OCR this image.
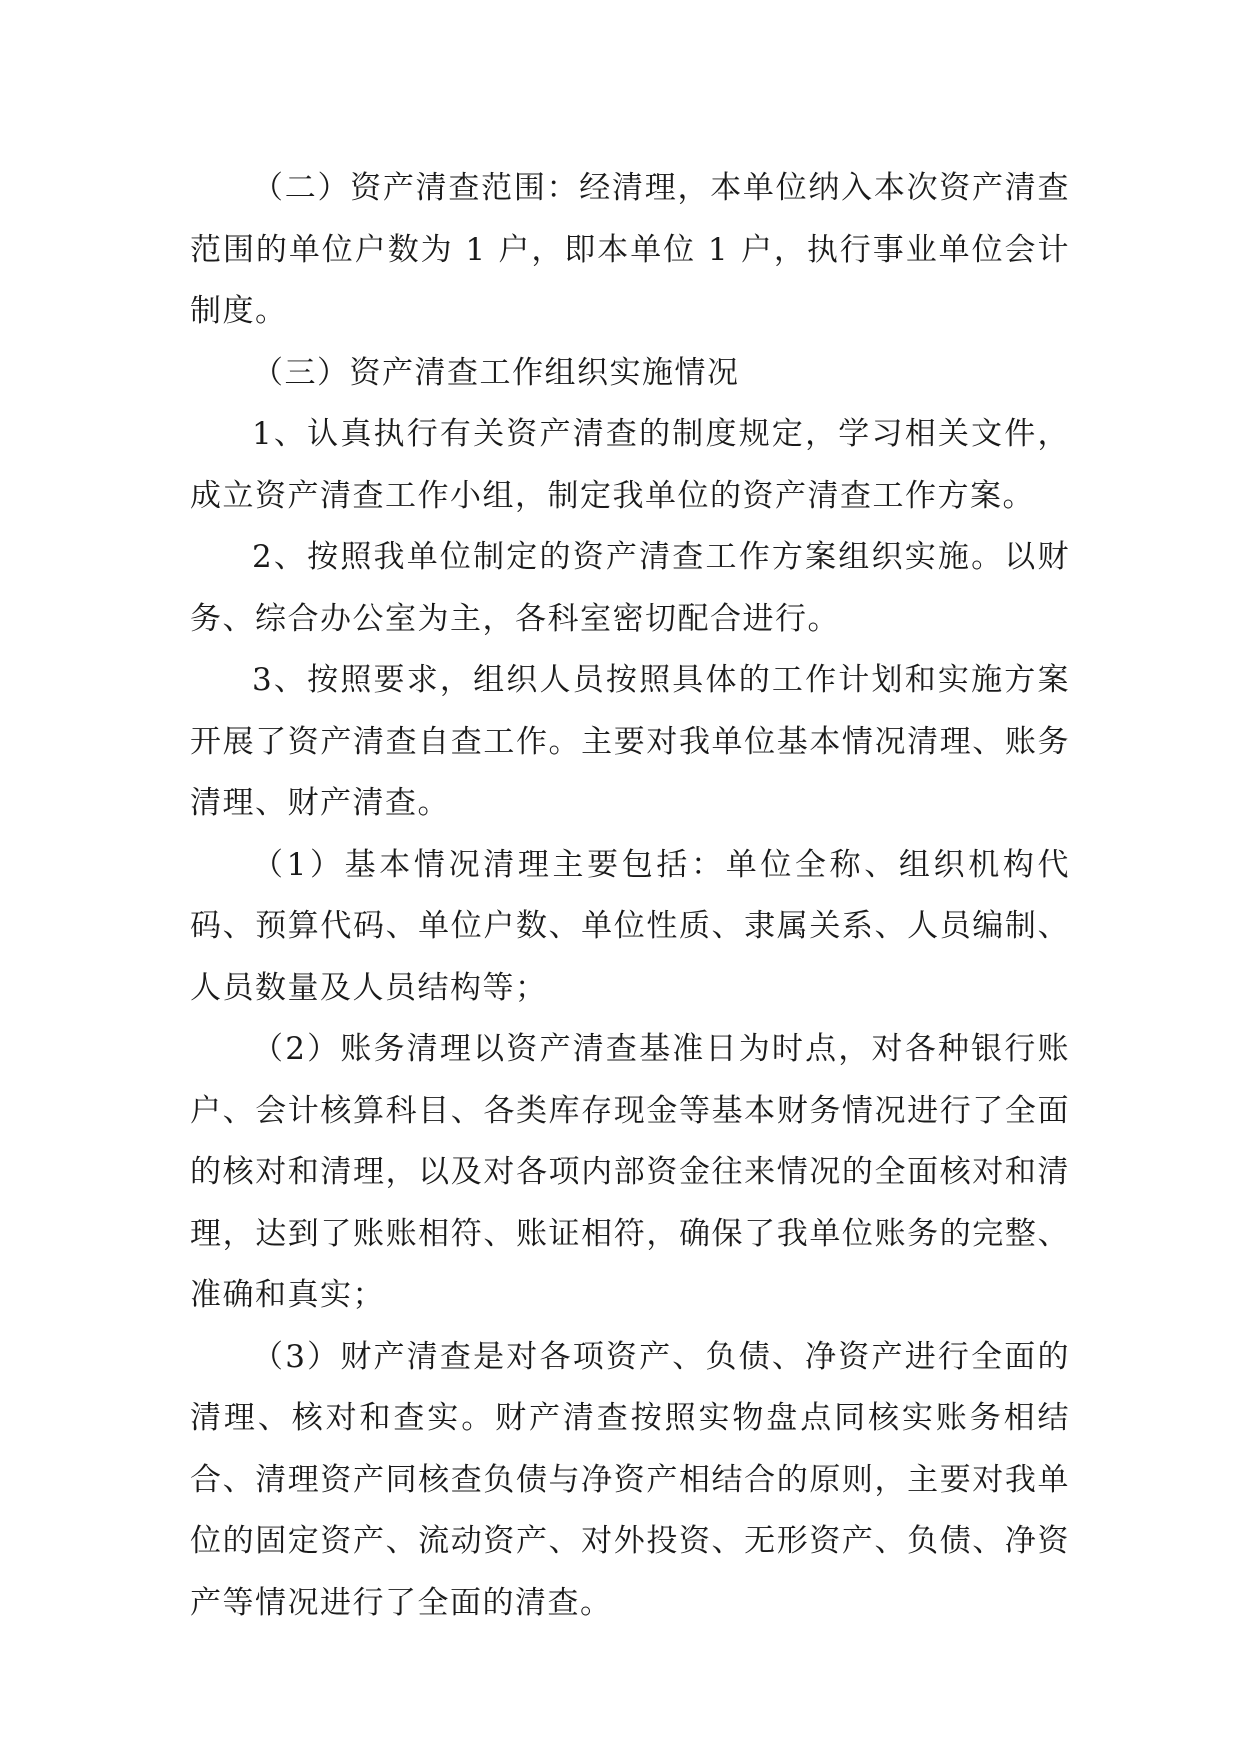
（二）资产清查范围：经清理，本单位纳入本次资产清查范围的单位户数为 1 户，即本单位 1 户，执行事业单位会计制度。

（三）资产清查工作组织实施情况

1、认真执行有关资产清查的制度规定，学习相关文件，成立资产清查工作小组，制定我单位的资产清查工作方案。

2、按照我单位制定的资产清查工作方案组织实施。以财务、综合办公室为主，各科室密切配合进行。

3、按照要求，组织人员按照具体的工作计划和实施方案开展了资产清查自查工作。主要对我单位基本情况清理、账务清理、财产清查。

（1）基本情况清理主要包括：单位全称、组织机构代码、预算代码、单位户数、单位性质、隶属关系、人员编制、人员数量及人员结构等；

（2）账务清理以资产清查基准日为时点，对各种银行账户、会计核算科目、各类库存现金等基本财务情况进行了全面的核对和清理，以及对各项内部资金往来情况的全面核对和清理，达到了账账相符、账证相符，确保了我单位账务的完整、准确和真实；

（3）财产清查是对各项资产、负债、净资产进行全面的清理、核对和查实。财产清查按照实物盘点同核实账务相结合、清理资产同核查负债与净资产相结合的原则，主要对我单位的固定资产、流动资产、对外投资、无形资产、负债、净资产等情况进行了全面的清查。
